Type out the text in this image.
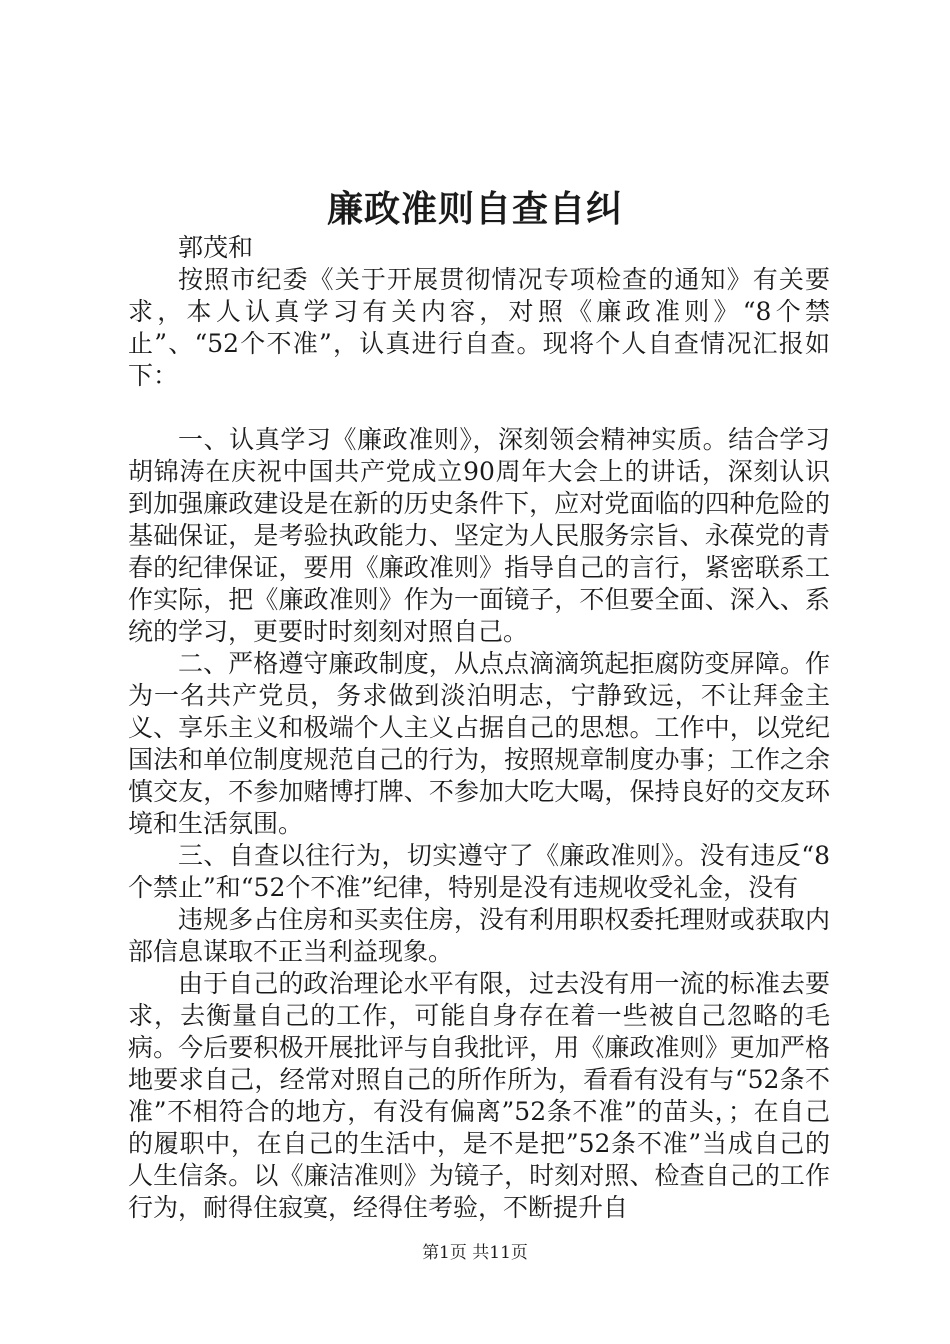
廉政准则自查自纠

郭茂和

按照市纪委《关于开展贯彻情况专项检查的通知》有关要求，本人认真学习有关内容，对照《廉政准则》“8个禁止”、“52个不准”，认真进行自查。现将个人自查情况汇报如下：

一、认真学习《廉政准则》，深刻领会精神实质。结合学习胡锦涛在庆祝中国共产党成立90周年大会上的讲话，深刻认识到加强廉政建设是在新的历史条件下，应对党面临的四种危险的基础保证，是考验执政能力、坚定为人民服务宗旨、永葆党的青春的纪律保证，要用《廉政准则》指导自己的言行，紧密联系工作实际，把《廉政准则》作为一面镜子，不但要全面、深入、系统的学习，更要时时刻刻对照自己。

二、严格遵守廉政制度，从点点滴滴筑起拒腐防变屏障。作为一名共产党员，务求做到淡泊明志，宁静致远，不让拜金主义、享乐主义和极端个人主义占据自己的思想。工作中，以党纪国法和单位制度规范自己的行为，按照规章制度办事；工作之余慎交友，不参加赌博打牌、不参加大吃大喝，保持良好的交友环境和生活氛围。

三、自查以往行为，切实遵守了《廉政准则》。没有违反“8个禁止”和“52个不准”纪律，特别是没有违规收受礼金，没有

违规多占住房和买卖住房，没有利用职权委托理财或获取内部信息谋取不正当利益现象。

由于自己的政治理论水平有限，过去没有用一流的标准去要求，去衡量自己的工作，可能自身存在着一些被自己忽略的毛病。今后要积极开展批评与自我批评，用《廉政准则》更加严格地要求自己，经常对照自己的所作所为，看看有没有与“52条不准”不相符合的地方，有没有偏离”52条不准”的苗头，；在自己的履职中，在自己的生活中，是不是把”52条不准”当成自己的人生信条。以《廉洁准则》为镜子，时刻对照、检查自己的工作行为，耐得住寂寞，经得住考验，不断提升自

第1页 共11页
